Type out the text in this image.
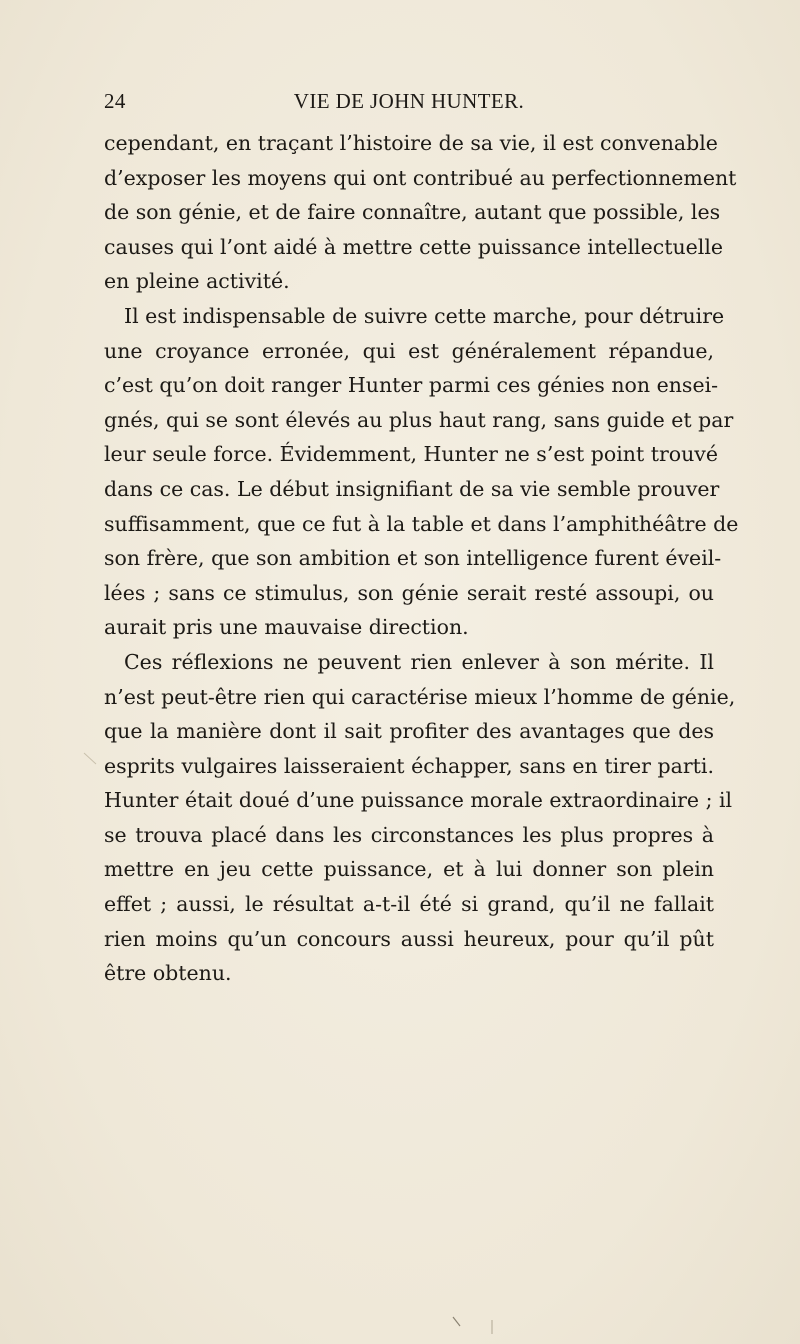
24	VIE DE JOHN HUNTER.

cependant, en traçant l’histoire de sa vie, il est convenable
d’exposer les moyens qui ont contribué au perfectionnement
de son génie, et de faire connaître, autant que possible, les
causes qui l’ont aidé à mettre cette puissance intellectuelle
en pleine activité.

Il est indispensable de suivre cette marche, pour détruire
une croyance erronée, qui est généralement répandue,
c’est qu’on doit ranger Hunter parmi ces génies non ensei-
gnés, qui se sont élevés au plus haut rang, sans guide et par
leur seule force. Évidemment, Hunter ne s’est point trouvé
dans ce cas. Le début insignifiant de sa vie semble prouver
suffisamment, que ce fut à la table et dans l’amphithéâtre de
son frère, que son ambition et son intelligence furent éveil-
lées ; sans ce stimulus, son génie serait resté assoupi, ou
aurait pris une mauvaise direction.

Ces réflexions ne peuvent rien enlever à son mérite. Il
n’est peut-être rien qui caractérise mieux l’homme de génie,
que la manière dont il sait profiter des avantages que des
esprits vulgaires laisseraient échapper, sans en tirer parti.
Hunter était doué d’une puissance morale extraordinaire ; il
se trouva placé dans les circonstances les plus propres à
mettre en jeu cette puissance, et à lui donner son plein
effet ; aussi, le résultat a-t-il été si grand, qu’il ne fallait
rien moins qu’un concours aussi heureux, pour qu’il pût
être obtenu.
